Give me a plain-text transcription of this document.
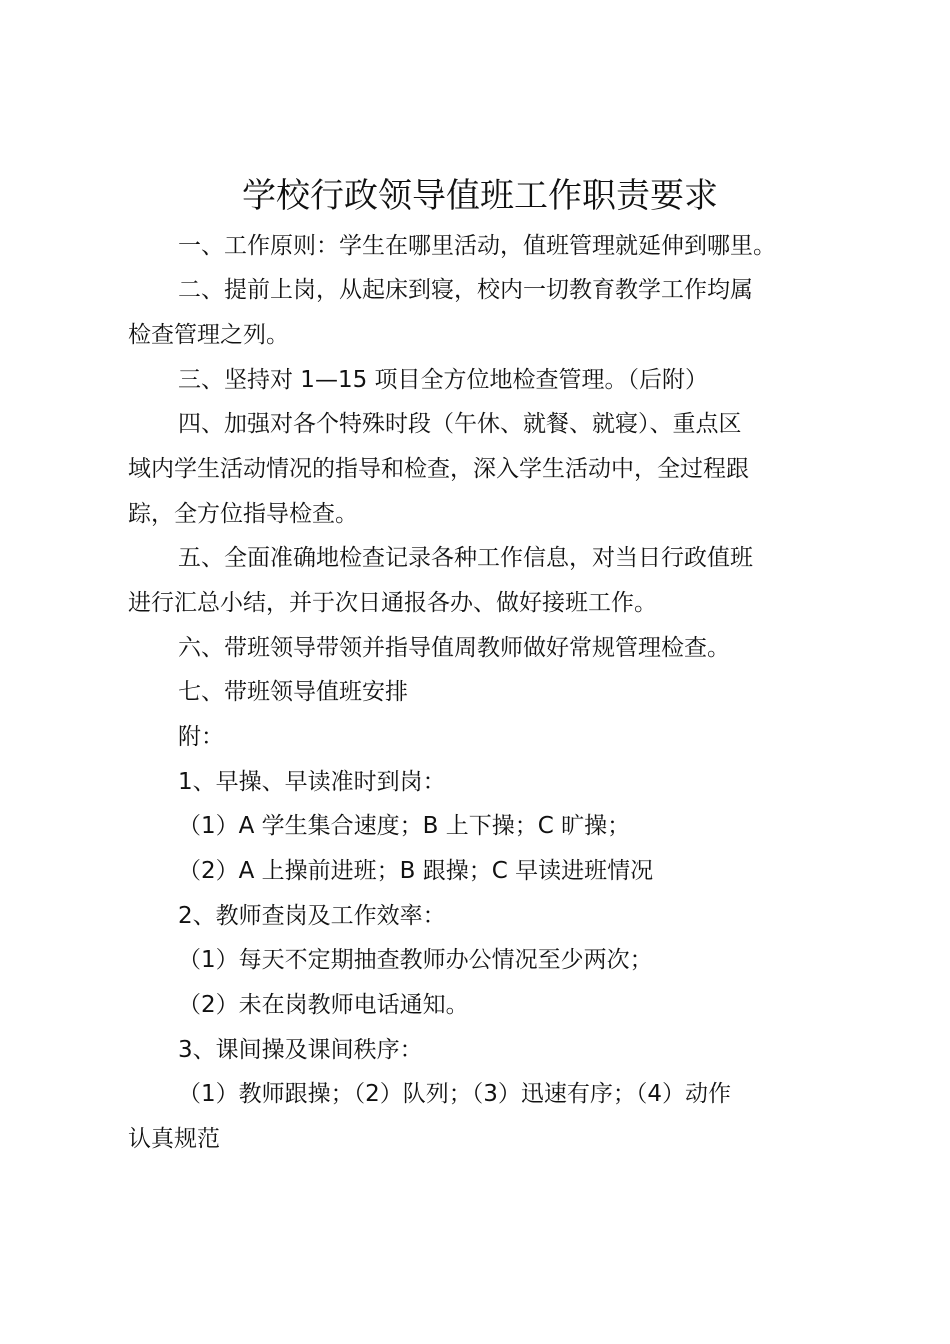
学校行政领导值班工作职责要求
一、工作原则：学生在哪里活动，值班管理就延伸到哪里。
二、提前上岗，从起床到寝，校内一切教育教学工作均属
检查管理之列。
三、坚持对 1—15 项目全方位地检查管理。（后附）
四、加强对各个特殊时段（午休、就餐、就寝）、重点区
域内学生活动情况的指导和检查，深入学生活动中，全过程跟
踪，全方位指导检查。
五、全面准确地检查记录各种工作信息，对当日行政值班
进行汇总小结，并于次日通报各办、做好接班工作。
六、带班领导带领并指导值周教师做好常规管理检查。
七、带班领导值班安排
附：
1、早操、早读准时到岗：
（1）A 学生集合速度；B 上下操；C 旷操；
（2）A 上操前进班；B 跟操；C 早读进班情况
2、教师查岗及工作效率：
（1）每天不定期抽查教师办公情况至少两次；
（2）未在岗教师电话通知。
3、课间操及课间秩序：
（1）教师跟操；（2）队列；（3）迅速有序；（4）动作
认真规范
